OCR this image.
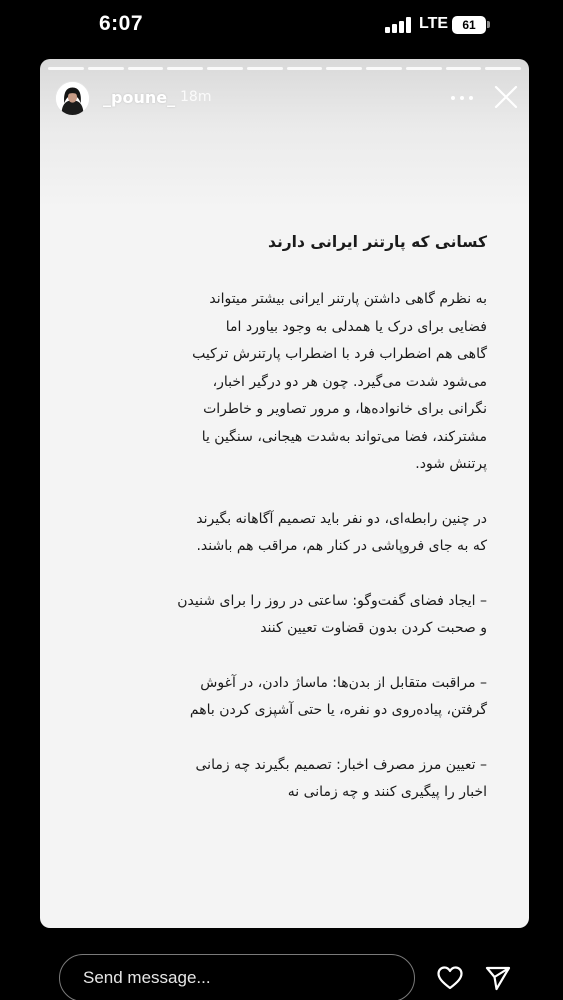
6:07	LTE	61
_poune_ 18m
کسانی که پارتنر ایرانی دارند

به نظرم گاهی داشتن پارتنر ایرانی بیشتر میتواند

فضایی برای درک یا همدلی به وجود بیاورد اما

گاهی هم اضطراب فرد با اضطراب پارتنرش ترکیب

می‌شود شدت می‌گیرد. چون هر دو درگیر اخبار،

نگرانی برای خانواده‌ها، و مرور تصاویر و خاطرات

مشترکند، فضا می‌تواند به‌شدت هیجانی، سنگین یا

پرتنش شود.

در چنین رابطه‌ای، دو نفر باید تصمیم آگاهانه بگیرند

که به جای فروپاشی در کنار هم، مراقب هم باشند.

– ایجاد فضای گفت‌وگو: ساعتی در روز را برای شنیدن

و صحبت کردن بدون قضاوت تعیین کنند

– مراقبت متقابل از بدن‌ها: ماساژ دادن، در آغوش

گرفتن، پیاده‌روی دو نفره، یا حتی آشپزی کردن باهم

– تعیین مرز مصرف اخبار: تصمیم بگیرند چه زمانی

اخبار را پیگیری کنند و چه زمانی نه

Send message...
